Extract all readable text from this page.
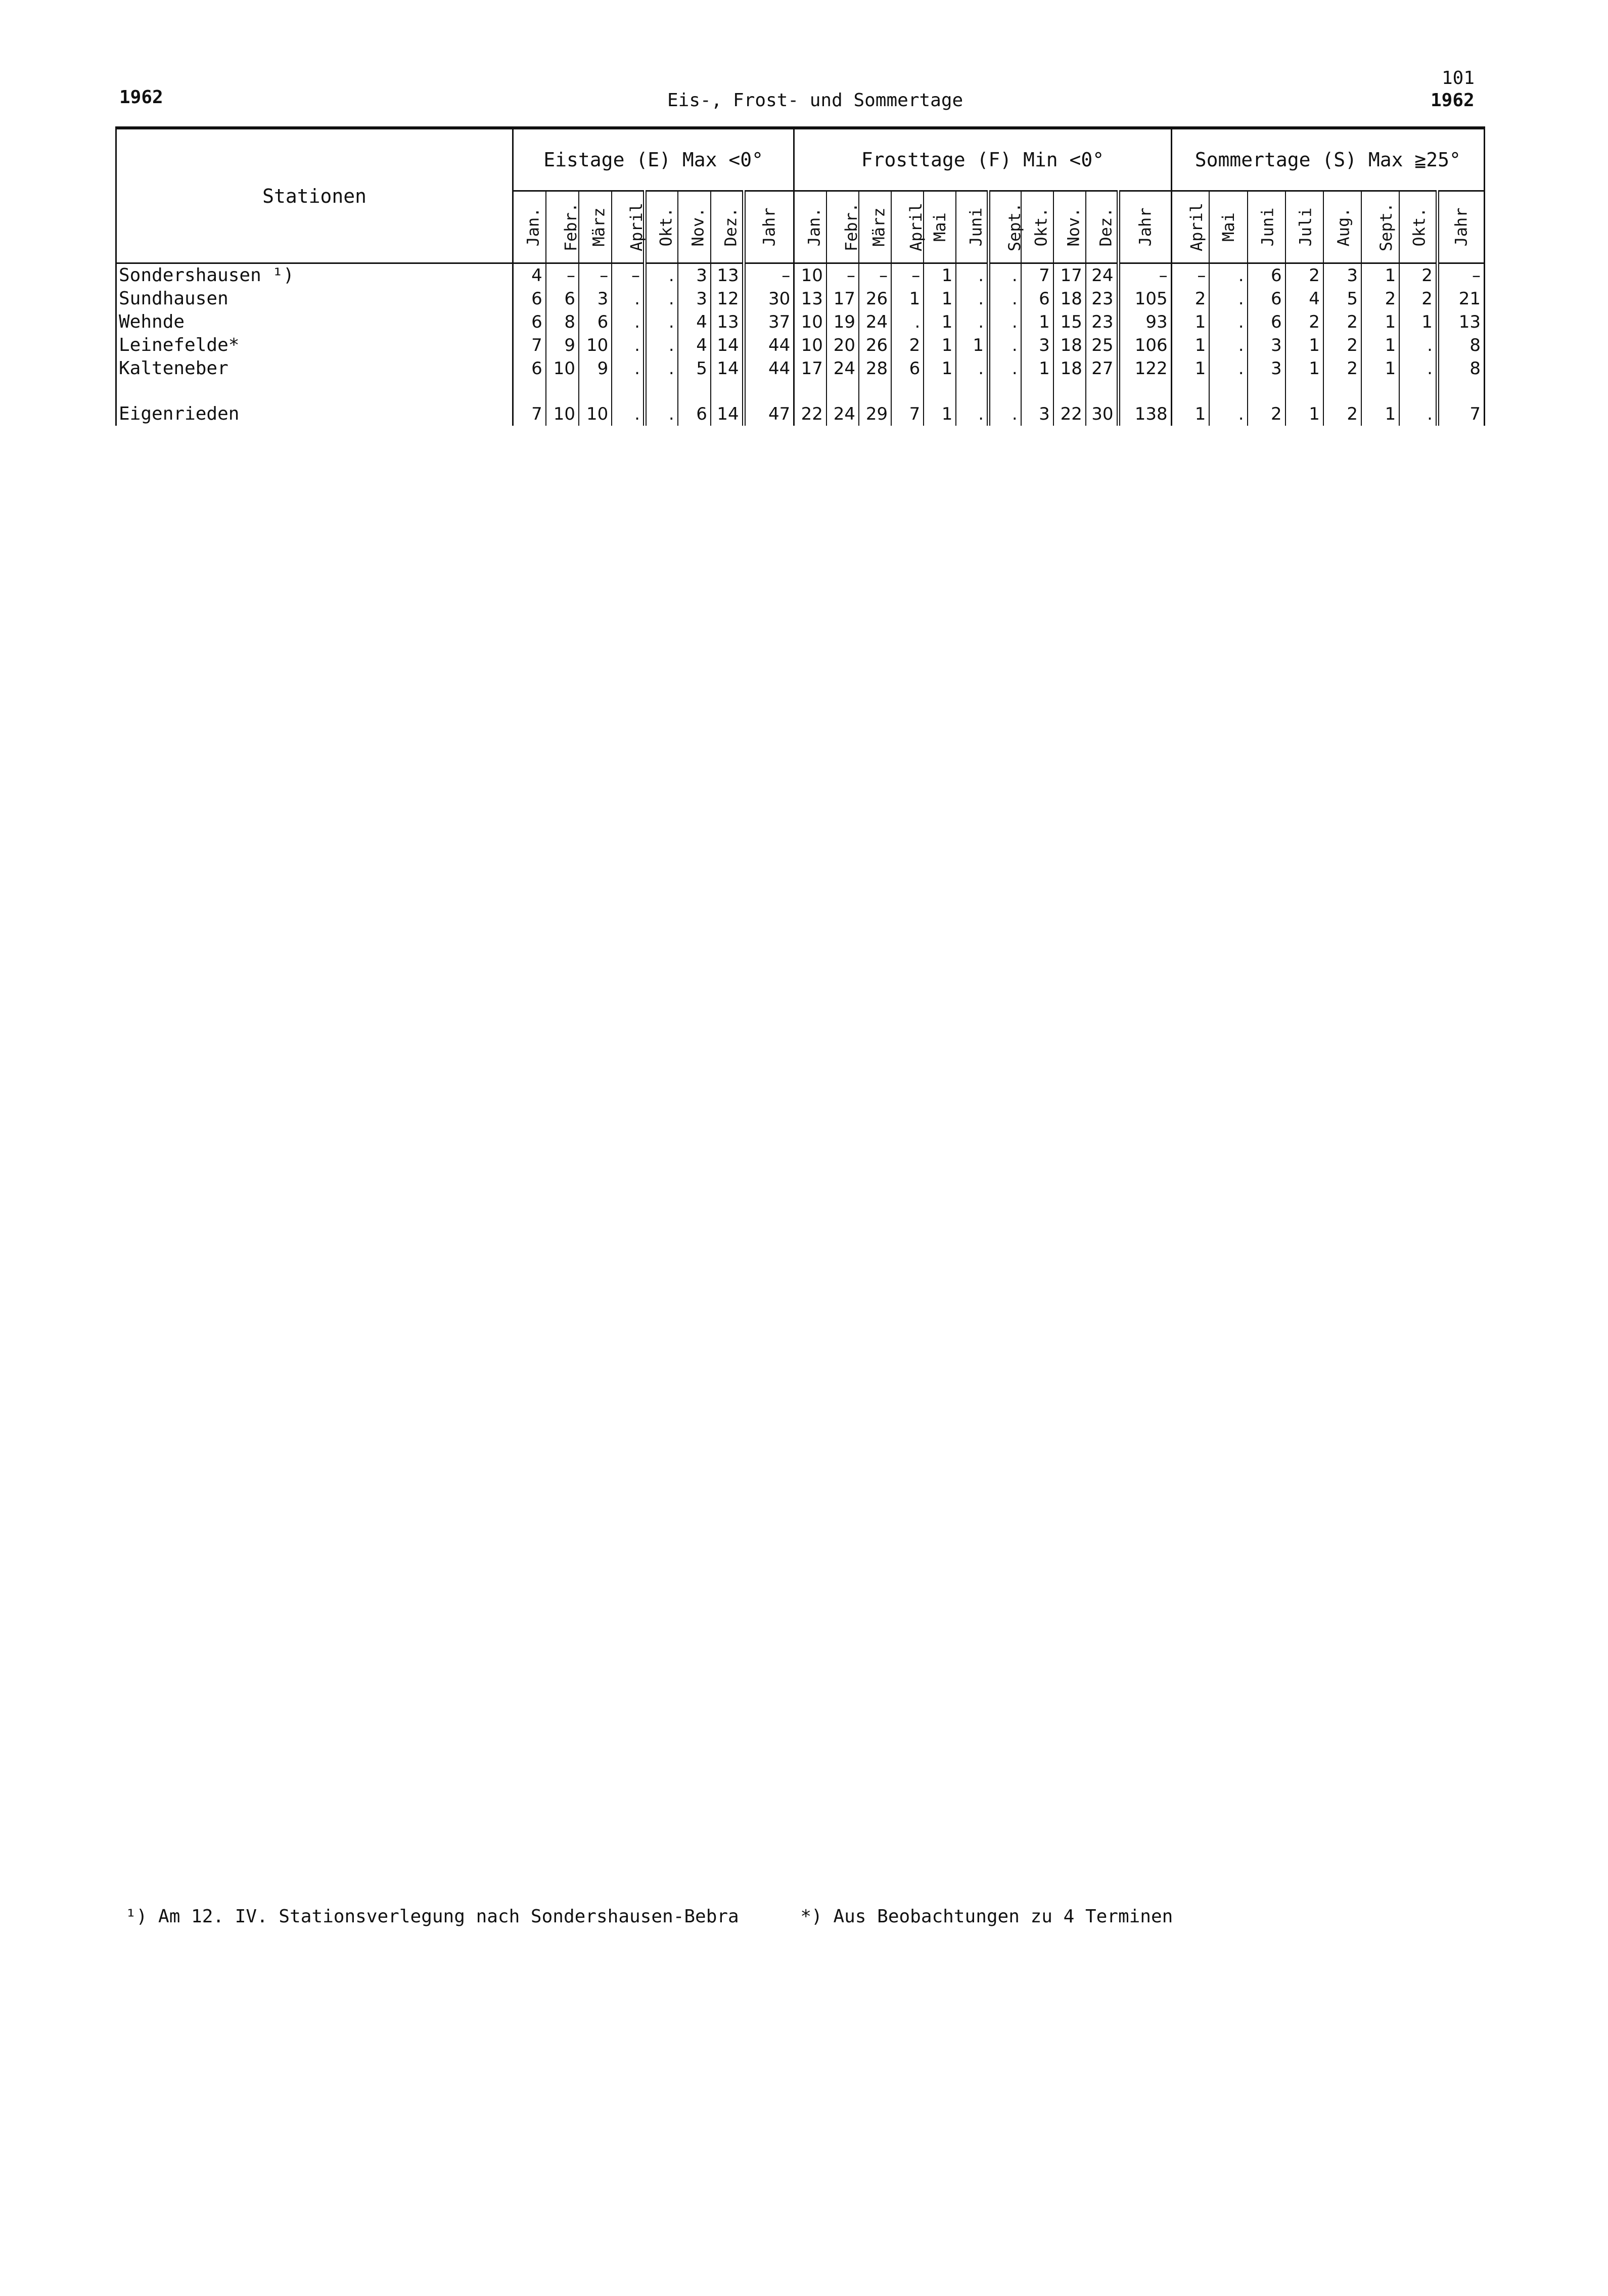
1962	Eis-, Frost- und Sommertage
101
1962
Stationen	Eistage (E) Max <0°								Frosttage (F) Min <0°											Sommertage (S) Max ≧25°							
	Jan.	Febr.	März	April	Okt.	Nov.	Dez.	Jahr	Jan.	Febr.	März	April	Mai	Juni	Sept.	Okt.	Nov.	Dez.	Jahr	April	Mai	Juni	Juli	Aug.	Sept.	Okt.	Jahr
Sondershausen ¹)	4	–	–	–	.	3	13	–	10	–	–	–	1	.	.	7	17	24	–	–	.	6	2	3	1	2	–
Sundhausen	6	6	3	.	.	3	12	30	13	17	26	1	1	.	.	6	18	23	105	2	.	6	4	5	2	2	21
Wehnde	6	8	6	.	.	4	13	37	10	19	24	.	1	.	.	1	15	23	93	1	.	6	2	2	1	1	13
Leinefelde*	7	9	10	.	.	4	14	44	10	20	26	2	1	1	.	3	18	25	106	1	.	3	1	2	1	.	8
Kalteneber	6	10	9	.	.	5	14	44	17	24	28	6	1	.	.	1	18	27	122	1	.	3	1	2	1	.	8

Eigenrieden	7	10	10	.	.	6	14	47	22	24	29	7	1	.	.	3	22	30	138	1	.	2	1	2	1	.	7
¹) Am 12. IV. Stationsverlegung nach Sondershausen-Bebra	*) Aus Beobachtungen zu 4 Terminen
